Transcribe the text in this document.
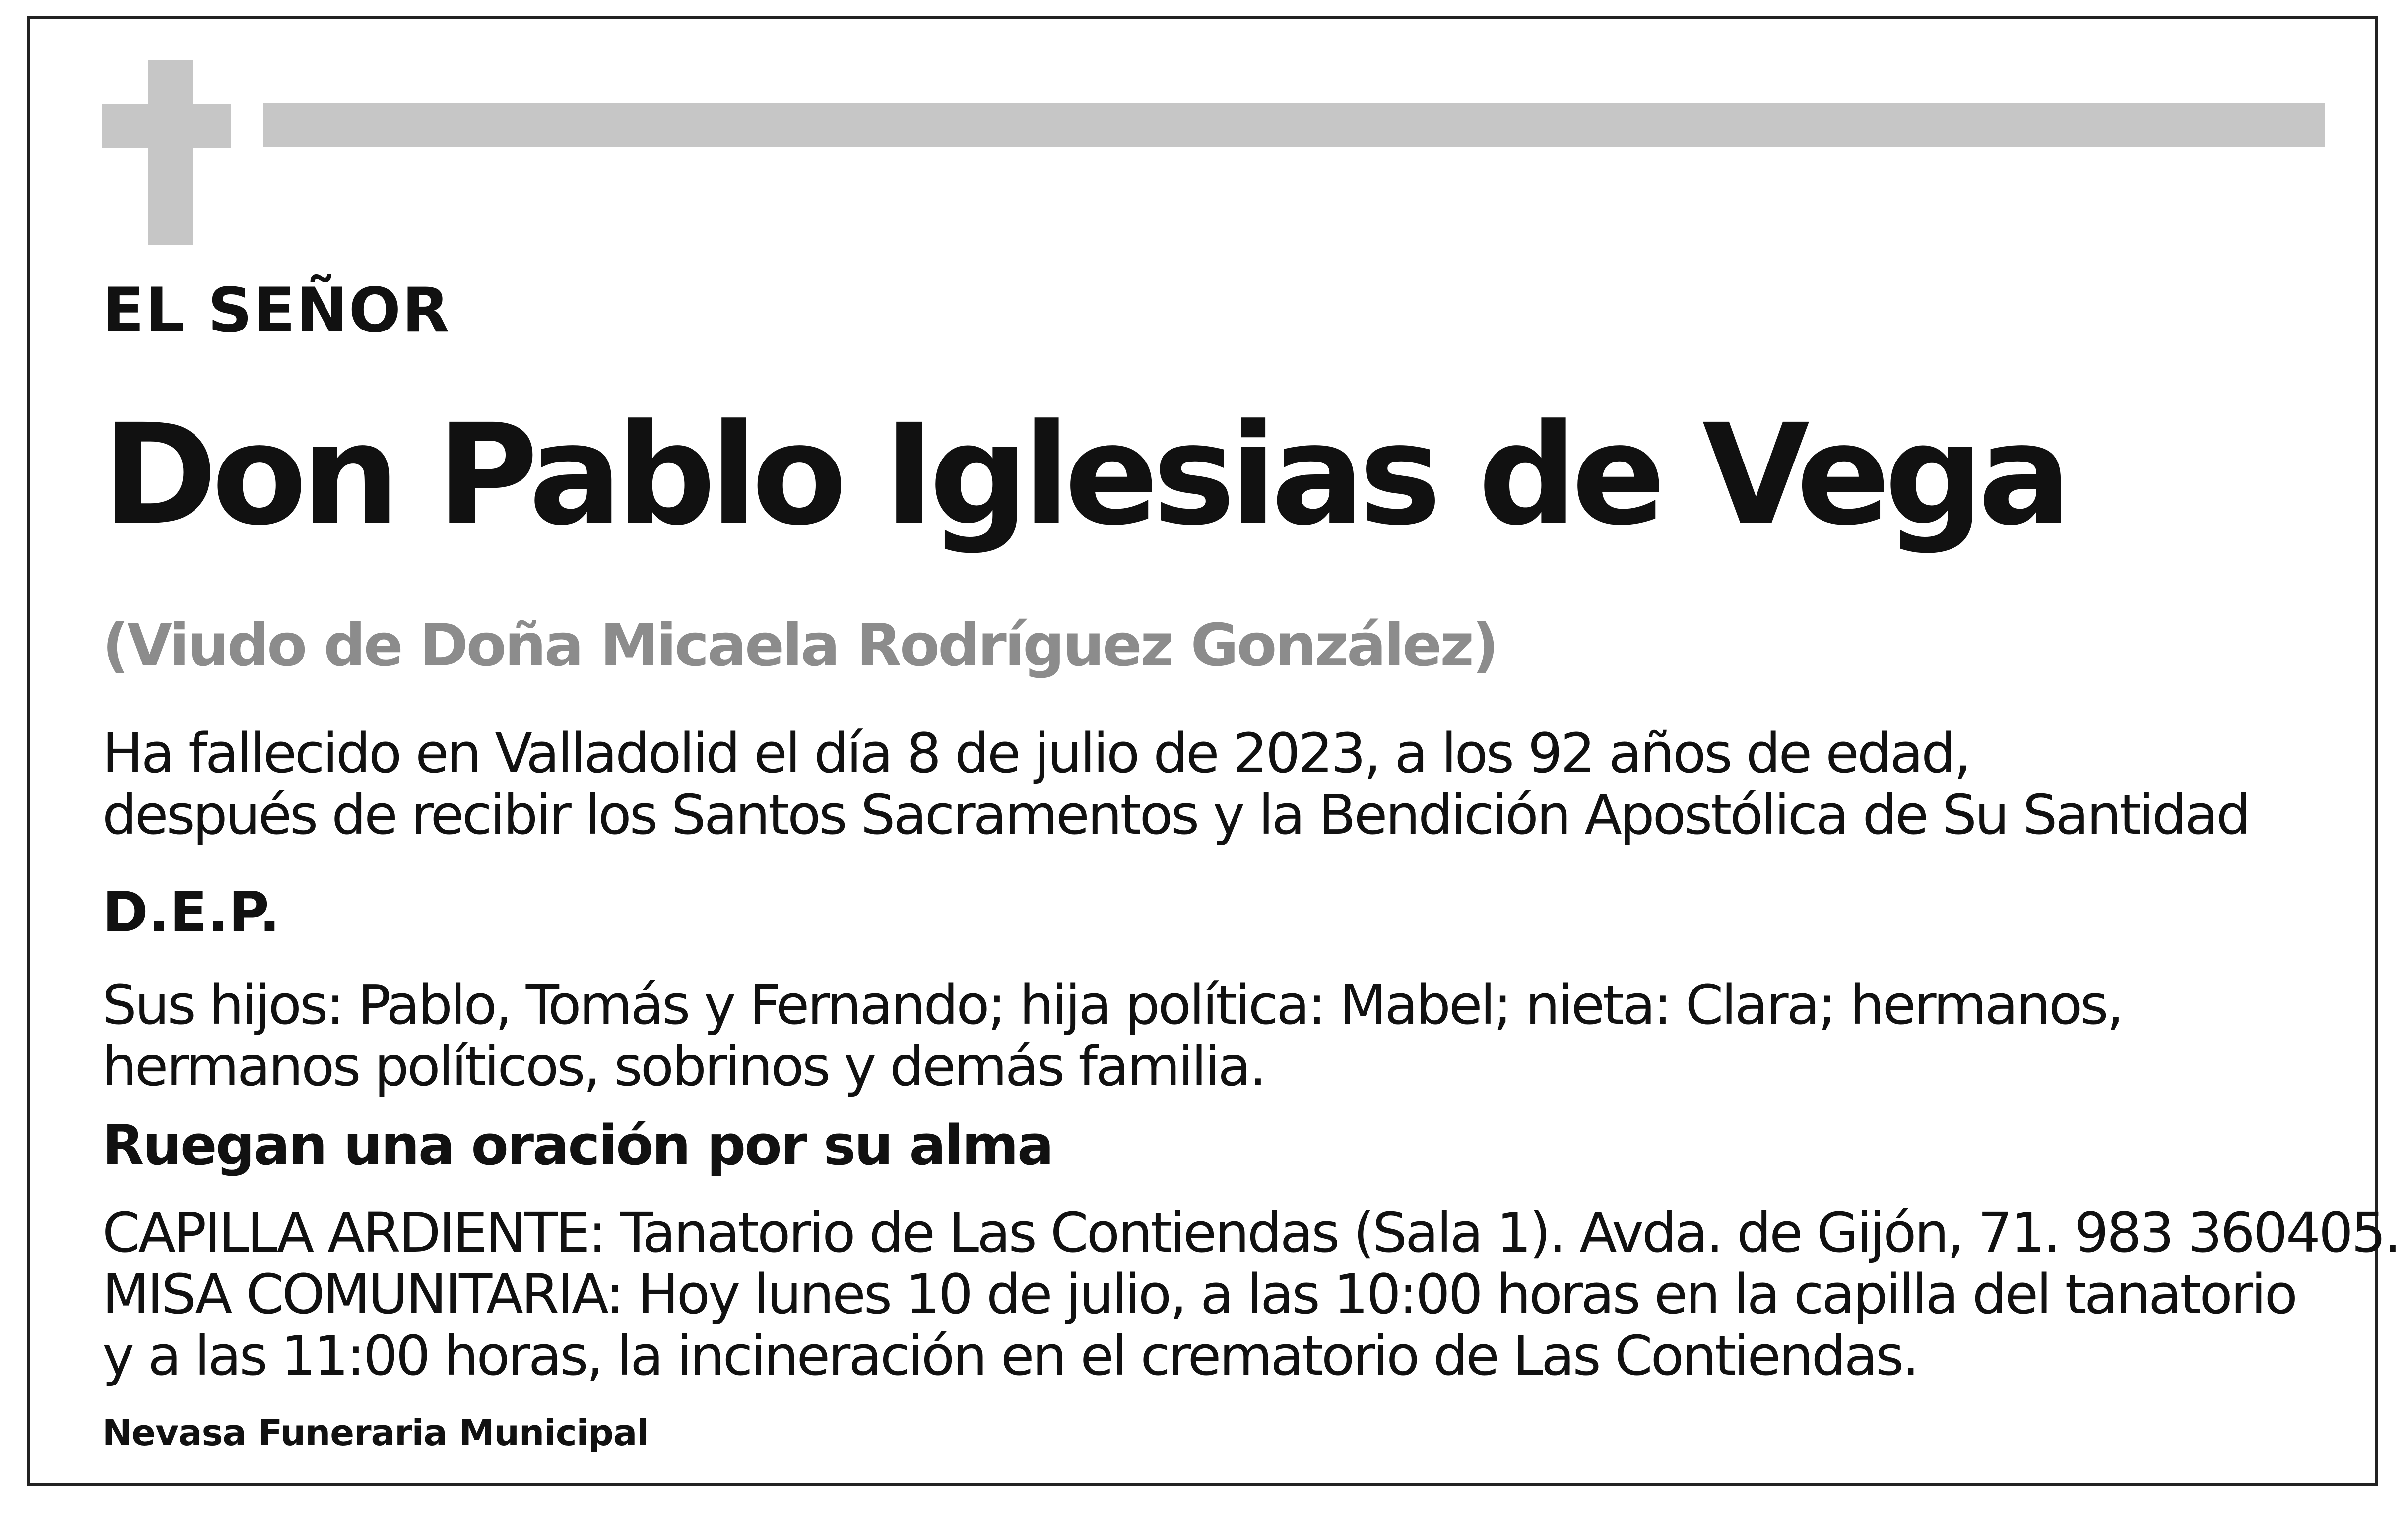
EL SEÑOR

Don Pablo Iglesias de Vega

(Viudo de Doña Micaela Rodríguez González)

Ha fallecido en Valladolid el día 8 de julio de 2023, a los 92 años de edad,
después de recibir los Santos Sacramentos y la Bendición Apostólica de Su Santidad

D.E.P.

Sus hijos: Pablo, Tomás y Fernando; hija política: Mabel; nieta: Clara; hermanos,
hermanos políticos, sobrinos y demás familia.

Ruegan una oración por su alma

CAPILLA ARDIENTE: Tanatorio de Las Contiendas (Sala 1). Avda. de Gijón, 71. 983 360405.
MISA COMUNITARIA: Hoy lunes 10 de julio, a las 10:00 horas en la capilla del tanatorio
y a las 11:00 horas, la incineración en el crematorio de Las Contiendas.

Nevasa Funeraria Municipal
